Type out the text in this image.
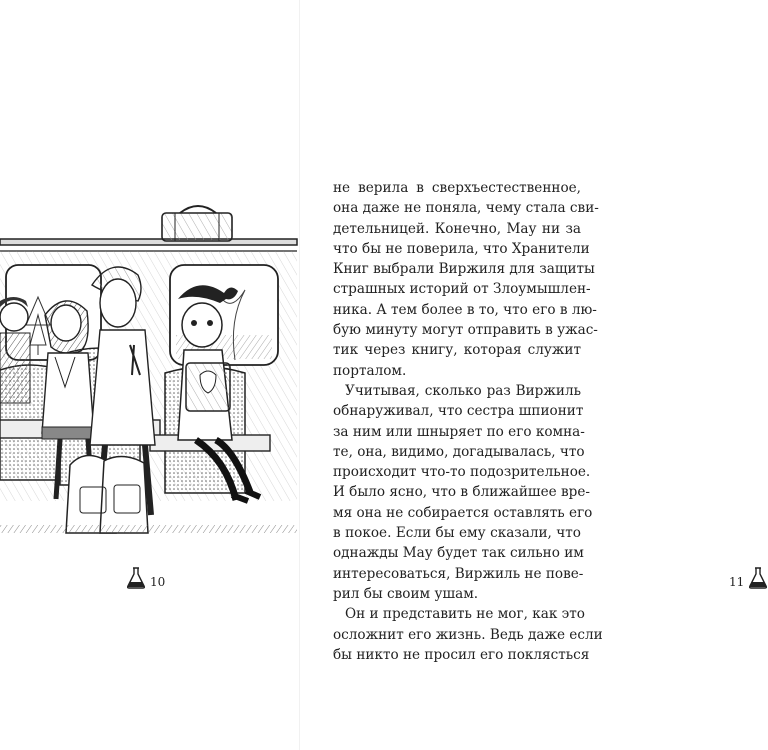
10
не верила в сверхъестественное,
она даже не поняла, чему стала сви-
детельницей. Конечно, Мау ни за
что бы не поверила, что Хранители
Книг выбрали Виржиля для защиты
страшных историй от Злоумышлен-
ника. А тем более в то, что его в лю-
бую минуту могут отправить в ужас-
тик через книгу, которая служит
порталом.
Учитывая, сколько раз Виржиль
обнаруживал, что сестра шпионит
за ним или шныряет по его комна-
те, она, видимо, догадывалась, что
происходит что-то подозрительное.
И было ясно, что в ближайшее вре-
мя она не собирается оставлять его
в покое. Если бы ему сказали, что
однажды Мау будет так сильно им
интересоваться, Виржиль не пове-
рил бы своим ушам.
Он и представить не мог, как это
осложнит его жизнь. Ведь даже если
бы никто не просил его поклясться
11
